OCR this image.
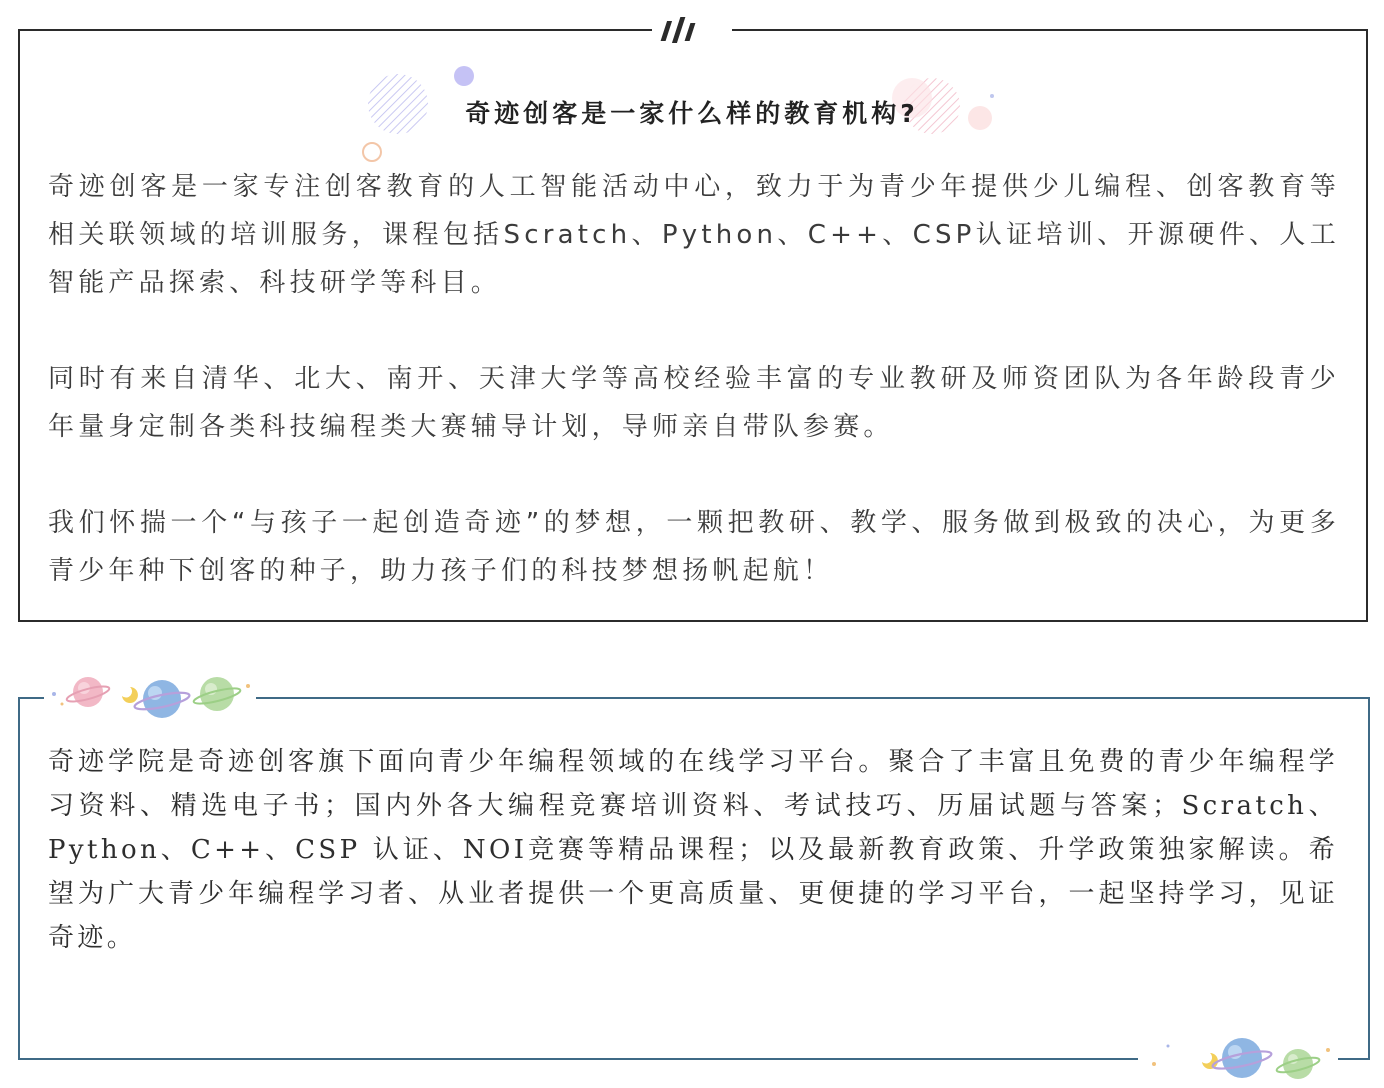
奇迹创客是一家什么样的教育机构?

奇迹创客是一家专注创客教育的人工智能活动中心，致力于为青少年提供少儿编程、创客教育等相关联领域的培训服务，课程包括Scratch、Python、C++、CSP认证培训、开源硬件、人工智能产品探索、科技研学等科目。

同时有来自清华、北大、南开、天津大学等高校经验丰富的专业教研及师资团队为各年龄段青少年量身定制各类科技编程类大赛辅导计划，导师亲自带队参赛。

我们怀揣一个“与孩子一起创造奇迹”的梦想，一颗把教研、教学、服务做到极致的决心，为更多青少年种下创客的种子，助力孩子们的科技梦想扬帆起航！

奇迹学院是奇迹创客旗下面向青少年编程领域的在线学习平台。聚合了丰富且免费的青少年编程学习资料、精选电子书；国内外各大编程竞赛培训资料、考试技巧、历届试题与答案；Scratch、Python、C++、CSP 认证、NOI竞赛等精品课程；以及最新教育政策、升学政策独家解读。希望为广大青少年编程学习者、从业者提供一个更高质量、更便捷的学习平台，一起坚持学习，见证奇迹。
